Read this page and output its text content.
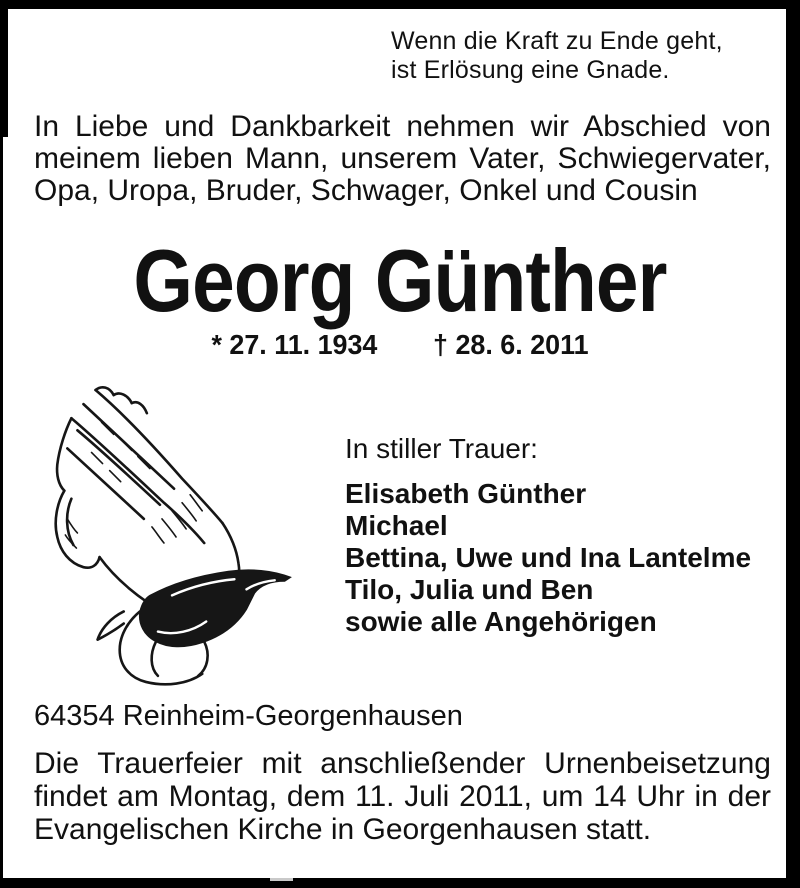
Wenn die Kraft zu Ende geht,
ist Erlösung eine Gnade.
In Liebe und Dankbarkeit nehmen wir Abschied von
meinem lieben Mann, unserem Vater, Schwiegervater,
Opa, Uropa, Bruder, Schwager, Onkel und Cousin
Georg Günther
* 27. 11. 1934 † 28. 6. 2011
In stiller Trauer:
Elisabeth Günther
Michael
Bettina, Uwe und Ina Lantelme
Tilo, Julia und Ben
sowie alle Angehörigen
64354 Reinheim-Georgenhausen
Die Trauerfeier mit anschließender Urnenbeisetzung
findet am Montag, dem 11. Juli 2011, um 14 Uhr in der
Evangelischen Kirche in Georgenhausen statt.
